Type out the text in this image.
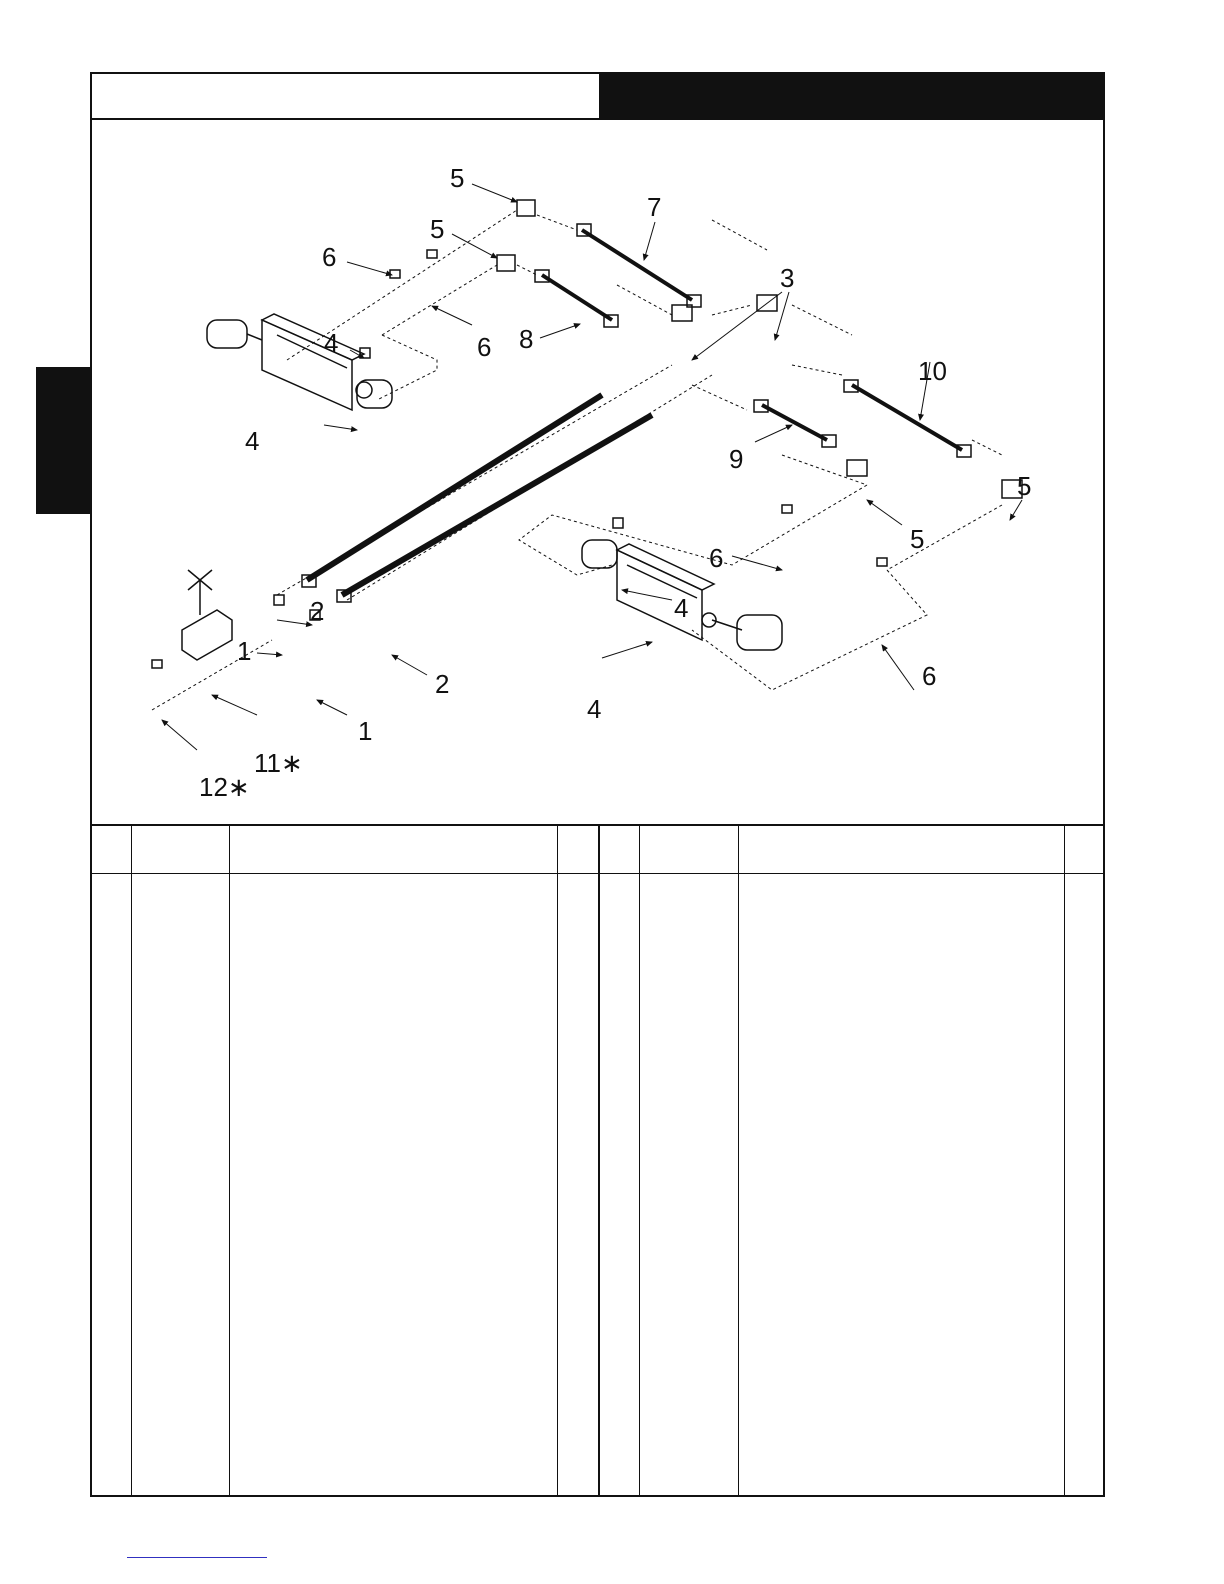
5
7
5
6
3
4	6 8
10
4
5
9
6
5
4
2
1
2	6
1
4
11∗
12∗
